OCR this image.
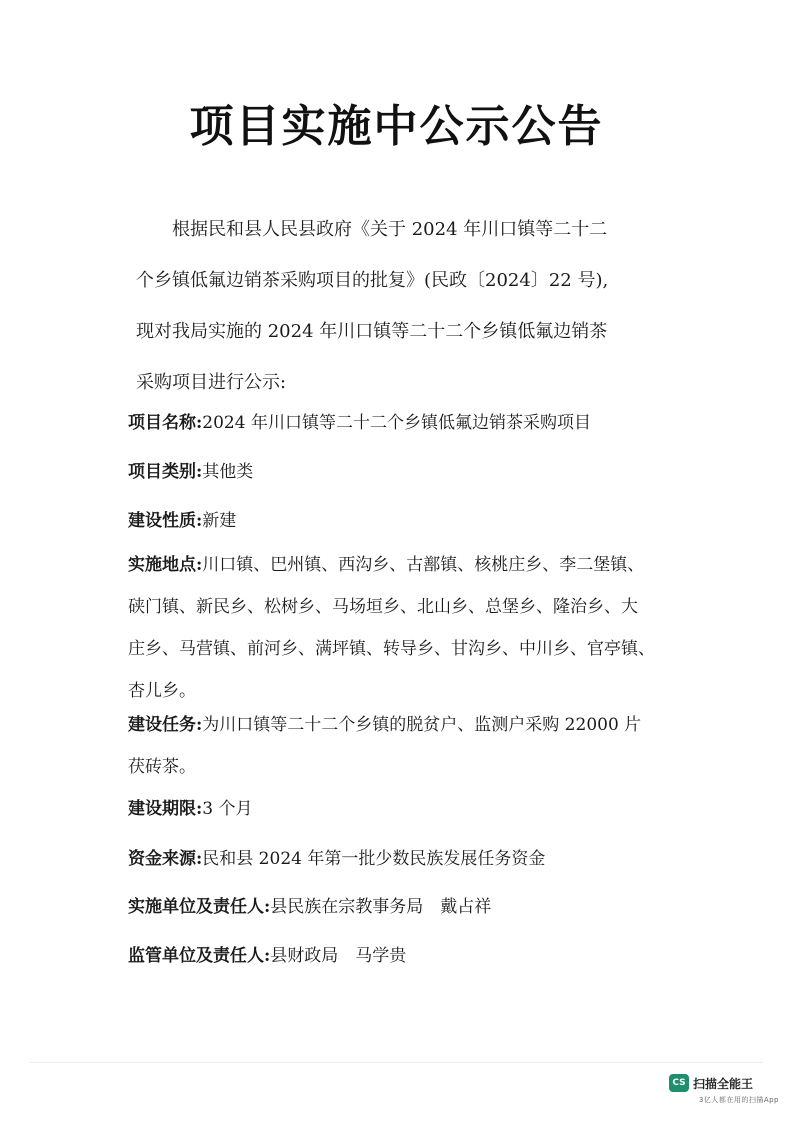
项目实施中公示公告

根据民和县人民县政府《关于 2024 年川口镇等二十二
个乡镇低氟边销茶采购项目的批复》(民政〔2024〕22 号),
现对我局实施的 2024 年川口镇等二十二个乡镇低氟边销茶
采购项目进行公示:

项目名称:2024 年川口镇等二十二个乡镇低氟边销茶采购项目

项目类别:其他类

建设性质:新建

实施地点:川口镇、巴州镇、西沟乡、古鄯镇、核桃庄乡、李二堡镇、
硖门镇、新民乡、松树乡、马场垣乡、北山乡、总堡乡、隆治乡、大
庄乡、马营镇、前河乡、满坪镇、转导乡、甘沟乡、中川乡、官亭镇、
杏儿乡。
建设任务:为川口镇等二十二个乡镇的脱贫户、监测户采购 22000 片
茯砖茶。

建设期限:3 个月

资金来源:民和县 2024 年第一批少数民族发展任务资金

实施单位及责任人:县民族在宗教事务局　戴占祥

监管单位及责任人:县财政局　马学贵

CS 扫描全能王
3亿人都在用的扫描App
